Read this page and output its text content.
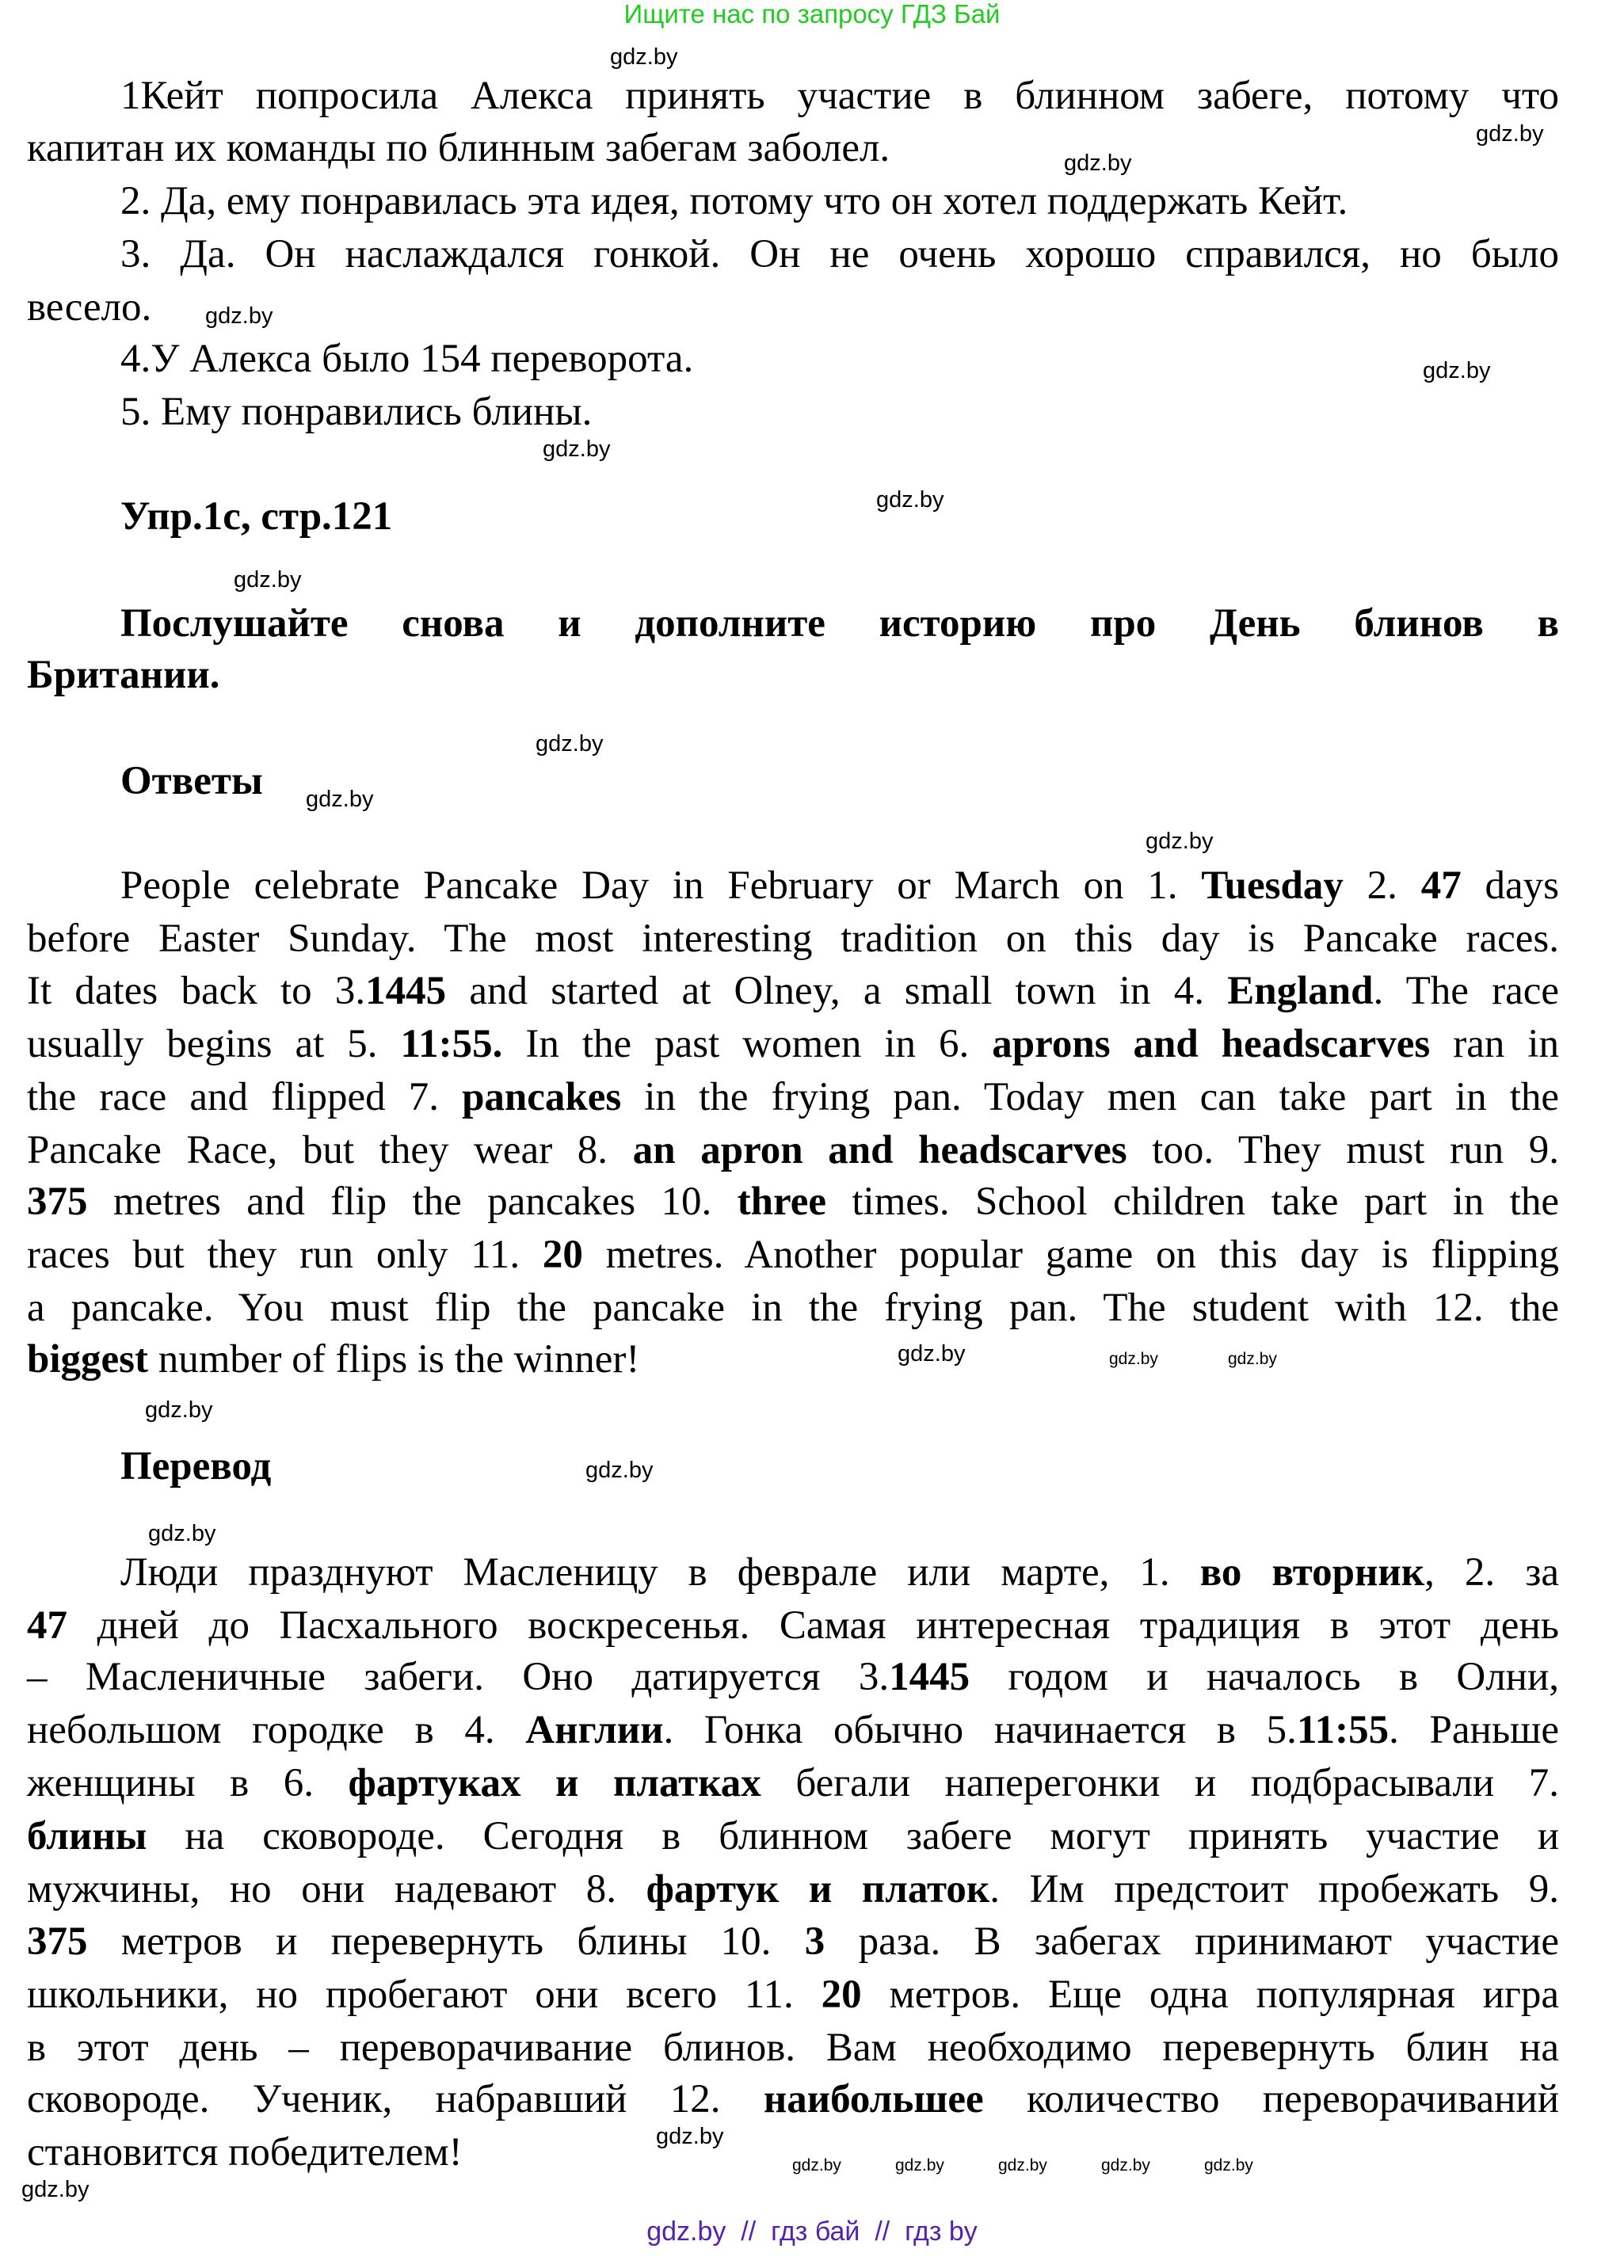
Ищите нас по запросу ГДЗ Бай
Упр.1c, стр.121
Ответы
Перевод
1Кейт попросила Алекса принять участие в блинном забеге, потому что
капитан их команды по блинным забегам заболел.
2. Да, ему понравилась эта идея, потому что он хотел поддержать Кейт.
3. Да. Он наслаждался гонкой. Он не очень хорошо справился, но было
весело.
4.У Алекса было 154 переворота.
5. Ему понравились блины.
Послушайте снова и дополните историю про День блинов в
Британии.
People celebrate Pancake Day in February or March on 1. Tuesday 2. 47 days
before Easter Sunday. The most interesting tradition on this day is Pancake races.
It dates back to 3.1445 and started at Olney, a small town in 4. England. The race
usually begins at 5. 11:55. In the past women in 6. aprons and headscarves ran in
the race and flipped 7. pancakes in the frying pan. Today men can take part in the
Pancake Race, but they wear 8. an apron and headscarves too. They must run 9.
375 metres and flip the pancakes 10. three times. School children take part in the
races but they run only 11. 20 metres. Another popular game on this day is flipping
a pancake. You must flip the pancake in the frying pan. The student with 12. the
biggest number of flips is the winner!
Люди празднуют Масленицу в феврале или марте, 1. во вторник, 2. за
47 дней до Пасхального воскресенья. Самая интересная традиция в этот день
– Масленичные забеги. Оно датируется 3.1445 годом и началось в Олни,
небольшом городке в 4. Англии. Гонка обычно начинается в 5.11:55. Раньше
женщины в 6. фартуках и платках бегали наперегонки и подбрасывали 7.
блины на сковороде. Сегодня в блинном забеге могут принять участие и
мужчины, но они надевают 8. фартук и платок. Им предстоит пробежать 9.
375 метров и перевернуть блины 10. 3 раза. В забегах принимают участие
школьники, но пробегают они всего 11. 20 метров. Еще одна популярная игра
в этот день – переворачивание блинов. Вам необходимо перевернуть блин на
сковороде. Ученик, набравший 12. наибольшее количество переворачиваний
становится победителем!
gdz.by  //  гдз бай  //  гдз by
gdz.by
gdz.by
gdz.by
gdz.by
gdz.by
gdz.by
gdz.by
gdz.by
gdz.by
gdz.by
gdz.by
gdz.by	gdz.by
gdz.by
gdz.by
gdz.by
gdz.by
gdz.by	gdz.by	gdz.by	gdz.by	gdz.by
gdz.by
gdz.by
